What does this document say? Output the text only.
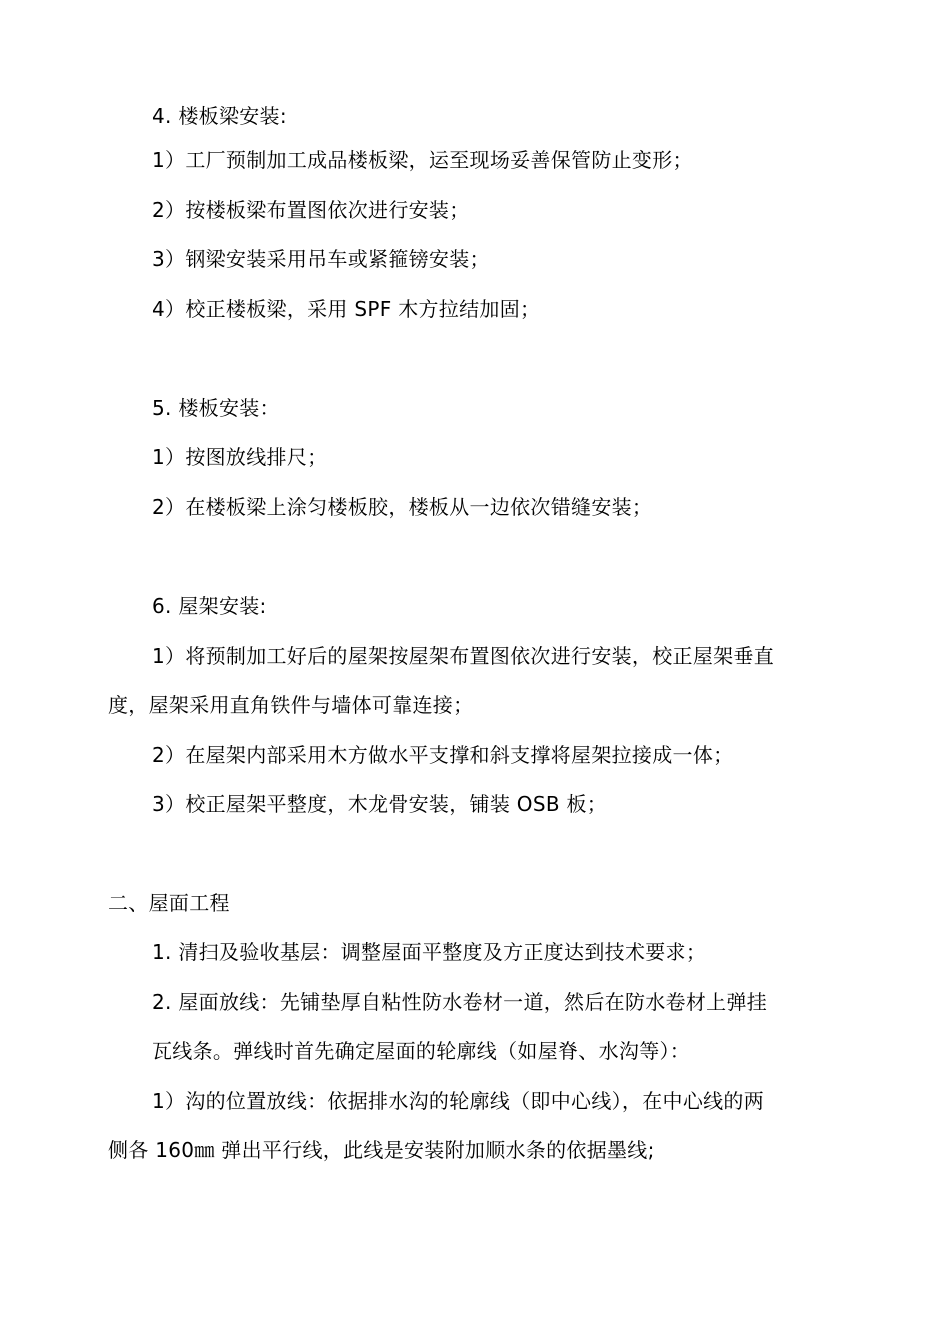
4. 楼板梁安装:
1）工厂预制加工成品楼板梁，运至现场妥善保管防止变形；
2）按楼板梁布置图依次进行安装；
3）钢梁安装采用吊车或紧箍镑安装；
4）校正楼板梁，采用 SPF 木方拉结加固；
5. 楼板安装：
1）按图放线排尺；
2）在楼板梁上涂匀楼板胶，楼板从一边依次错缝安装；
6. 屋架安装:
1）将预制加工好后的屋架按屋架布置图依次进行安装，校正屋架垂直
度，屋架采用直角铁件与墙体可靠连接；
2）在屋架内部采用木方做水平支撑和斜支撑将屋架拉接成一体；
3）校正屋架平整度，木龙骨安装，铺装 OSB 板；
二、屋面工程
1. 清扫及验收基层：调整屋面平整度及方正度达到技术要求；
2. 屋面放线：先铺垫厚自粘性防水卷材一道，然后在防水卷材上弹挂
瓦线条。弹线时首先确定屋面的轮廓线（如屋脊、水沟等）：
1）沟的位置放线：依据排水沟的轮廓线（即中心线），在中心线的两
侧各 160㎜ 弹出平行线，此线是安装附加顺水条的依据墨线;
